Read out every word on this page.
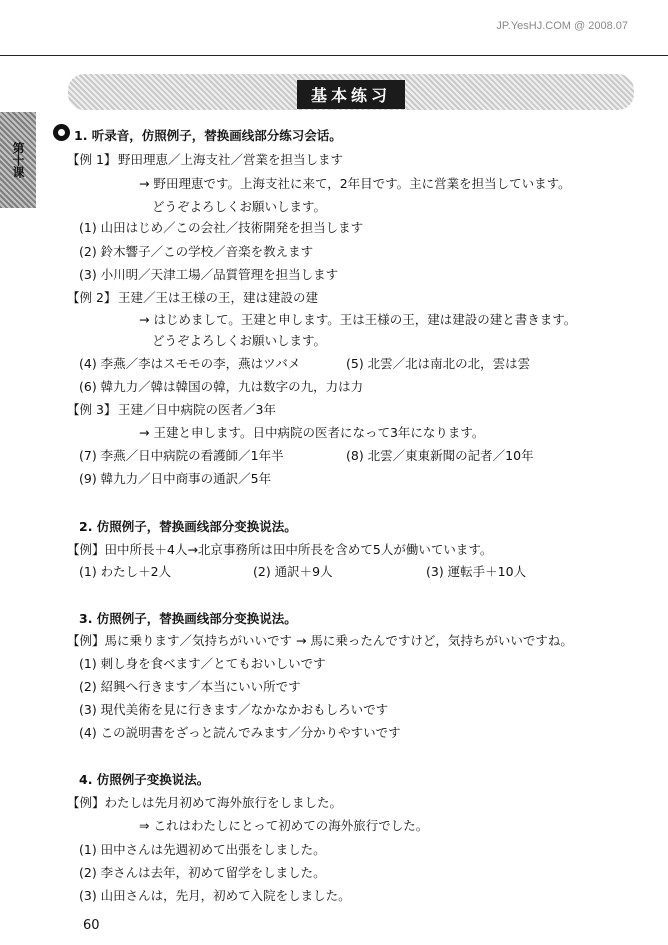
JP.YesHJ.COM @ 2008.07
基本练习
第十课
1. 听录音，仿照例子，替换画线部分练习会话。
【例 1】 野田理恵／上海支社／営業を担当します
→ 野田理恵です。上海支社に来て，2年目です。主に営業を担当しています。
どうぞよろしくお願いします。
(1) 山田はじめ／この会社／技術開発を担当します
(2) 鈴木響子／この学校／音楽を教えます
(3) 小川明／天津工場／品質管理を担当します
【例 2】 王建／王は王様の王，建は建設の建
→ はじめまして。王建と申します。王は王様の王，建は建設の建と書きます。
どうぞよろしくお願いします。
(4) 李燕／李はスモモの李，燕はツバメ	(5) 北雲／北は南北の北，雲は雲
(6) 韓九力／韓は韓国の韓，九は数字の九，力は力
【例 3】 王建／日中病院の医者／3年
→ 王建と申します。日中病院の医者になって3年になります。
(7) 李燕／日中病院の看護師／1年半	(8) 北雲／東東新聞の記者／10年
(9) 韓九力／日中商事の通訳／5年
2. 仿照例子，替换画线部分变换说法。
【例】田中所長＋4人→北京事務所は田中所長を含めて5人が働いています。
(1) わたし＋2人	(2) 通訳＋9人	(3) 運転手＋10人
3. 仿照例子，替换画线部分变换说法。
【例】馬に乗ります／気持ちがいいです → 馬に乗ったんですけど，気持ちがいいですね。
(1) 刺し身を食べます／とてもおいしいです
(2) 紹興へ行きます／本当にいい所です
(3) 現代美術を見に行きます／なかなかおもしろいです
(4) この説明書をざっと読んでみます／分かりやすいです
4. 仿照例子变换说法。
【例】わたしは先月初めて海外旅行をしました。
⇒ これはわたしにとって初めての海外旅行でした。
(1) 田中さんは先週初めて出張をしました。
(2) 李さんは去年，初めて留学をしました。
(3) 山田さんは，先月，初めて入院をしました。
60
